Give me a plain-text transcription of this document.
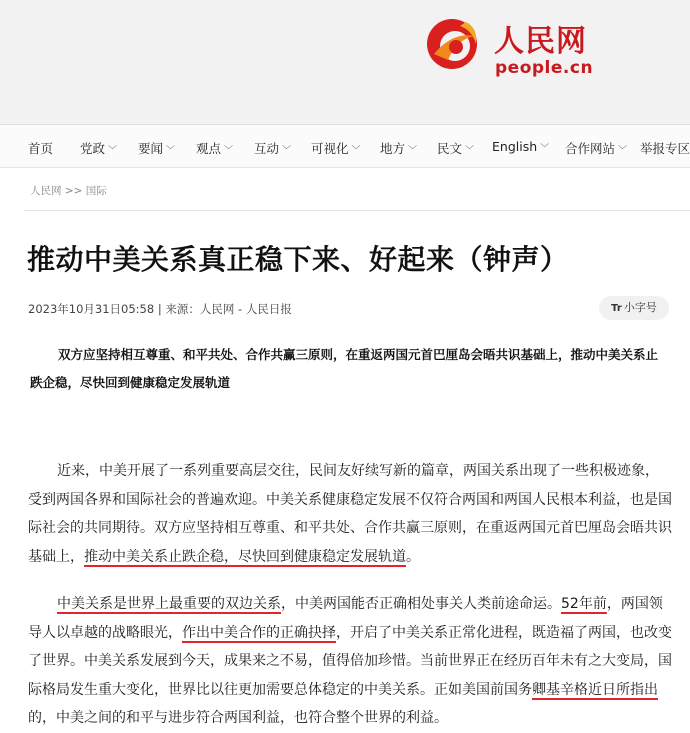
人民网
people.cn
首页 党政 ﹀ 要闻 ﹀ 观点 ﹀ 互动 ﹀ 可视化 ﹀ 地方 ﹀ 民文 ﹀ English ﹀ 合作网站 ﹀ 举报专区
人民网 >> 国际
推动中美关系真正稳下来、好起来（钟声）
2023年10月31日05:58 | 来源：人民网 - 人民日报	Tr 小字号

双方应坚持相互尊重、和平共处、合作共赢三原则，在重返两国元首巴厘岛会晤共识基础上，推动中美关系止跌企稳，尽快回到健康稳定发展轨道

近来，中美开展了一系列重要高层交往，民间友好续写新的篇章，两国关系出现了一些积极迹象，受到两国各界和国际社会的普遍欢迎。中美关系健康稳定发展不仅符合两国和两国人民根本利益，也是国际社会的共同期待。双方应坚持相互尊重、和平共处、合作共赢三原则，在重返两国元首巴厘岛会晤共识基础上，推动中美关系止跌企稳，尽快回到健康稳定发展轨道。

中美关系是世界上最重要的双边关系，中美两国能否正确相处事关人类前途命运。52年前，两国领导人以卓越的战略眼光，作出中美合作的正确抉择，开启了中美关系正常化进程，既造福了两国，也改变了世界。中美关系发展到今天，成果来之不易，值得倍加珍惜。当前世界正在经历百年未有之大变局，国际格局发生重大变化，世界比以往更加需要总体稳定的中美关系。正如美国前国务卿基辛格近日所指出的，中美之间的和平与进步符合两国利益，也符合整个世界的利益。
